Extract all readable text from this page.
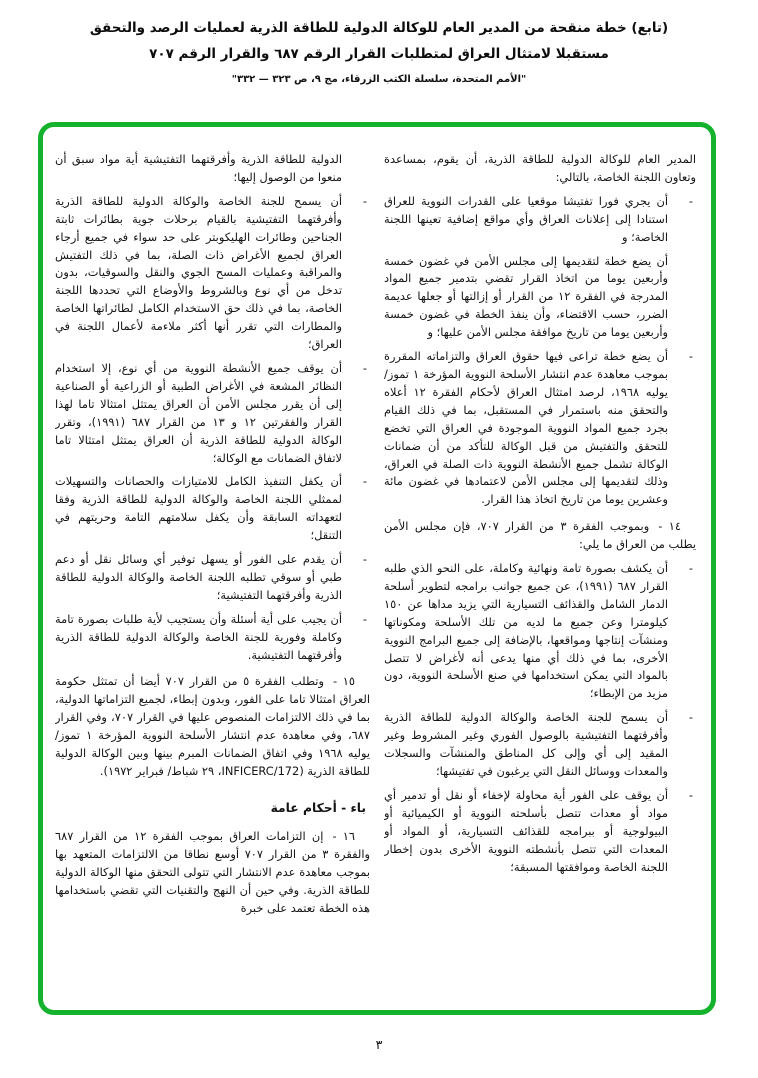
(تابع) خطة منقحة من المدير العام للوكالة الدولية للطاقة الذرية لعمليات الرصد والتحقق
مستقبلا لامتثال العراق لمتطلبات القرار الرقم ٦٨٧ والقرار الرقم ٧٠٧
"الأمم المتحدة، سلسلة الكتب الزرقاء، مج ٩، ص ٣٢٣ — ٣٣٢"
المدير العام للوكالة الدولية للطاقة الذرية، أن يقوم، بمساعدة وتعاون اللجنة الخاصة، بالتالي:
-
أن يجري فورا تفتيشا موقعيا على القدرات النووية للعراق استنادا إلى إعلانات العراق وأي مواقع إضافية تعينها اللجنة الخاصة؛ و
أن يضع خطة لتقديمها إلى مجلس الأمن في غضون خمسة وأربعين يوما من اتخاذ القرار تقضي بتدمير جميع المواد المدرجة في الفقرة ١٢ من القرار أو إزالتها أو جعلها عديمة الضرر، حسب الاقتضاء، وأن ينفذ الخطة في غضون خمسة وأربعين يوما من تاريخ موافقة مجلس الأمن عليها؛ و
-
أن يضع خطة تراعى فيها حقوق العراق والتزاماته المقررة بموجب معاهدة عدم انتشار الأسلحة النووية المؤرخة ١ تموز/يوليه ١٩٦٨، لرصد امتثال العراق لأحكام الفقرة ١٢ أعلاه والتحقق منه باستمرار في المستقبل، بما في ذلك القيام بجرد جميع المواد النووية الموجودة في العراق التي تخضع للتحقق والتفتيش من قبل الوكالة للتأكد من أن ضمانات الوكالة تشمل جميع الأنشطة النووية ذات الصلة في العراق، وذلك لتقديمها إلى مجلس الأمن لاعتمادها في غضون مائة وعشرين يوما من تاريخ اتخاذ هذا القرار.
١٤ -وبموجب الفقرة ٣ من القرار ٧٠٧، فإن مجلس الأمن يطلب من العراق ما يلي:
-
أن يكشف بصورة تامة ونهائية وكاملة، على النحو الذي طلبه القرار ٦٨٧ (١٩٩١)، عن جميع جوانب برامجه لتطوير أسلحة الدمار الشامل والقذائف التسيارية التي يزيد مداها عن ١٥٠ كيلومترا وعن جميع ما لديه من تلك الأسلحة ومكوناتها ومنشآت إنتاجها ومواقعها، بالإضافة إلى جميع البرامج النووية الأخرى، بما في ذلك أي منها يدعى أنه لأغراض لا تتصل بالمواد التي يمكن استخدامها في صنع الأسلحة النووية، دون مزيد من الإبطاء؛
-
أن يسمح للجنة الخاصة والوكالة الدولية للطاقة الذرية وأفرقتهما التفتيشية بالوصول الفوري وغير المشروط وغير المقيد إلى أي وإلى كل المناطق والمنشآت والسجلات والمعدات ووسائل النقل التي يرغبون في تفتيشها؛
-
أن يوقف على الفور أية محاولة لإخفاء أو نقل أو تدمير أي مواد أو معدات تتصل بأسلحته النووية أو الكيميائية أو البيولوجية أو ببرامجه للقذائف التسيارية، أو المواد أو المعدات التي تتصل بأنشطته النووية الأخرى بدون إخطار اللجنة الخاصة وموافقتها المسبقة؛
الدولية للطاقة الذرية وأفرقتهما التفتيشية أية مواد سبق أن منعوا من الوصول إليها؛
-
أن يسمح للجنة الخاصة والوكالة الدولية للطاقة الذرية وأفرقتهما التفتيشية بالقيام برحلات جوية بطائرات ثابتة الجناحين وطائرات الهليكوبتر على حد سواء في جميع أرجاء العراق لجميع الأغراض ذات الصلة، بما في ذلك التفتيش والمراقبة وعمليات المسح الجوي والنقل والسوقيات، بدون تدخل من أي نوع وبالشروط والأوضاع التي تحددها اللجنة الخاصة، بما في ذلك حق الاستخدام الكامل لطائراتها الخاصة والمطارات التي تقرر أنها أكثر ملاءمة لأعمال اللجنة في العراق؛
-
أن يوقف جميع الأنشطة النووية من أي نوع، إلا استخدام النظائر المشعة في الأغراض الطبية أو الزراعية أو الصناعية إلى أن يقرر مجلس الأمن أن العراق يمتثل امتثالا تاما لهذا القرار والفقرتين ١٢ و ١٣ من القرار ٦٨٧ (١٩٩١)، وتقرر الوكالة الدولية للطاقة الذرية أن العراق يمتثل امتثالا تاما لاتفاق الضمانات مع الوكالة؛
-
أن يكفل التنفيذ الكامل للامتيازات والحصانات والتسهيلات لممثلي اللجنة الخاصة والوكالة الدولية للطاقة الذرية وفقا لتعهداته السابقة وأن يكفل سلامتهم التامة وحريتهم في التنقل؛
-
أن يقدم على الفور أو يسهل توفير أي وسائل نقل أو دعم طبي أو سوقي تطلبه اللجنة الخاصة والوكالة الدولية للطاقة الذرية وأفرقتهما التفتيشية؛
-
أن يجيب على أية أسئلة وأن يستجيب لأية طلبات بصورة تامة وكاملة وفورية للجنة الخاصة والوكالة الدولية للطاقة الذرية وأفرقتهما التفتيشية.
١٥ -وتطلب الفقرة ٥ من القرار ٧٠٧ أيضا أن تمتثل حكومة العراق امتثالا تاما على الفور، وبدون إبطاء، لجميع التزاماتها الدولية، بما في ذلك الالتزامات المنصوص عليها في القرار ٧٠٧، وفي القرار ٦٨٧، وفي معاهدة عدم انتشار الأسلحة النووية المؤرخة ١ تموز/ يوليه ١٩٦٨ وفي اتفاق الضمانات المبرم بينها وبين الوكالة الدولية للطاقة الذرية (INFICERC/172، ٢٩ شباط/ فبراير ١٩٧٢).
باء - أحكام عامة
١٦ -إن التزامات العراق بموجب الفقرة ١٢ من القرار ٦٨٧ والفقرة ٣ من القرار ٧٠٧ أوسع نطاقا من الالتزامات المتعهد بها بموجب معاهدة عدم الانتشار التي تتولى التحقق منها الوكالة الدولية للطاقة الذرية. وفي حين أن النهج والتقنيات التي تقضي باستخدامها هذه الخطة تعتمد على خبرة
٣
